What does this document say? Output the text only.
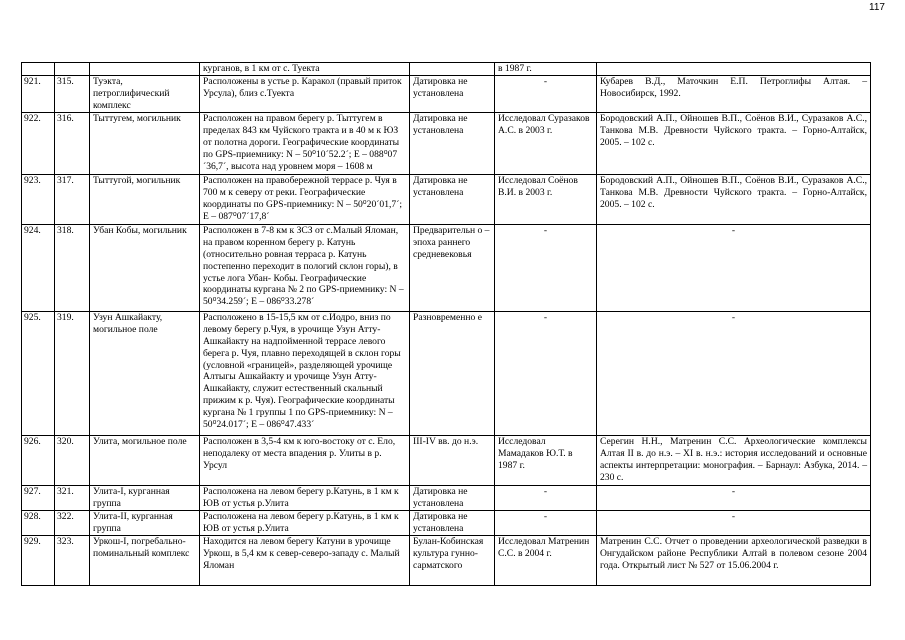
117
			курганов, в 1 км от с. Туекта		в 1987 г.	
921.	315.	Туэкта, петроглифический комплекс	Расположены в устье р. Каракол (правый приток Урсула), близ с.Туекта	Датировка не установлена	-	Кубарев В.Д., Маточкин Е.П. Петроглифы Алтая. – Новосибирск, 1992.
922.	316.	Тыттугем, могильник	Расположен на правом берегу р. Тыттугем в пределах 843 км Чуйского тракта и в 40 м к ЮЗ от полотна дороги. Географические координаты по GPS-приемнику: N – 50⁰10´52.2´; Е – 088⁰07´36,7´, высота над уровнем моря – 1608 м	Датировка не установлена	Исследовал Суразаков А.С. в 2003 г.	Бородовский А.П., Ойношев В.П., Соёнов В.И., Суразаков А.С., Танкова М.В. Древности Чуйского тракта. – Горно-Алтайск, 2005. – 102 с.
923.	317.	Тыттугой, могильник	Расположен на правобережной террасе р. Чуя в 700 м к северу от реки. Географические координаты по GPS-приемнику: N – 50⁰20´01,7´; Е – 087⁰07´17,8´	Датировка не установлена	Исследовал Соёнов В.И. в 2003 г.	Бородовский А.П., Ойношев В.П., Соёнов В.И., Суразаков А.С., Танкова М.В. Древности Чуйского тракта. – Горно-Алтайск, 2005. – 102 с.
924.	318.	Убан Кобы, могильник	Расположен в 7-8 км к ЗСЗ от с.Малый Яломан, на правом коренном берегу р. Катунь (относительно ровная терраса р. Катунь постепенно переходит в пологий склон горы), в устье лога Убан- Кобы. Географические координаты кургана № 2 по GPS-приемнику: N – 50⁰34.259´; Е – 086⁰33.278´	Предварительн о –эпоха раннего средневековья	-	-
925.	319.	Узун Ашкайакту, могильное поле	Расположено в 15-15,5 км от с.Иодро, вниз по левому берегу р.Чуя, в урочище Узун Атту-Ашкайакту на надпойменной террасе левого берега р. Чуя, плавно переходящей в склон горы (условной «границей», разделяющей урочище Алтыгы Ашкайакту и урочище Узун Атту-Ашкайакту, служит естественный скальный прижим к р. Чуя). Географические координаты кургана № 1 группы 1 по GPS-приемнику: N – 50⁰24.017´; Е – 086⁰47.433´	Разновременно е	-	-
926.	320.	Улита, могильное поле	Расположен в 3,5-4 км к юго-востоку от с. Ело, неподалеку от места впадения р. Улиты в р. Урсул	III-IV вв. до н.э.	Исследовал Мамадаков Ю.Т. в 1987 г.	Серегин Н.Н., Матренин С.С. Археологические комплексы Алтая II в. до н.э. – XI в. н.э.: история исследований и основные аспекты интерпретации: монография. – Барнаул: Азбука, 2014. – 230 с.
927.	321.	Улита-I, курганная группа	Расположена на левом берегу р.Катунь, в 1 км к ЮВ от устья р.Улита	Датировка не установлена	-	-
928.	322.	Улита-II, курганная группа	Расположена на левом берегу р.Катунь, в 1 км к ЮВ от устья р.Улита	Датировка не установлена	-	-
929.	323.	Уркош-I, погребально-поминальный комплекс	Находится на левом берегу Катуни в урочище Уркош, в 5,4 км к север-северо-западу с. Малый Яломан	Булан-Кобинская культура гунно-сарматского	Исследовал Матренин С.С. в 2004 г.	Матренин С.С. Отчет о проведении археологической разведки в Онгудайском районе Республики Алтай в полевом сезоне 2004 года. Открытый лист № 527 от 15.06.2004 г.
